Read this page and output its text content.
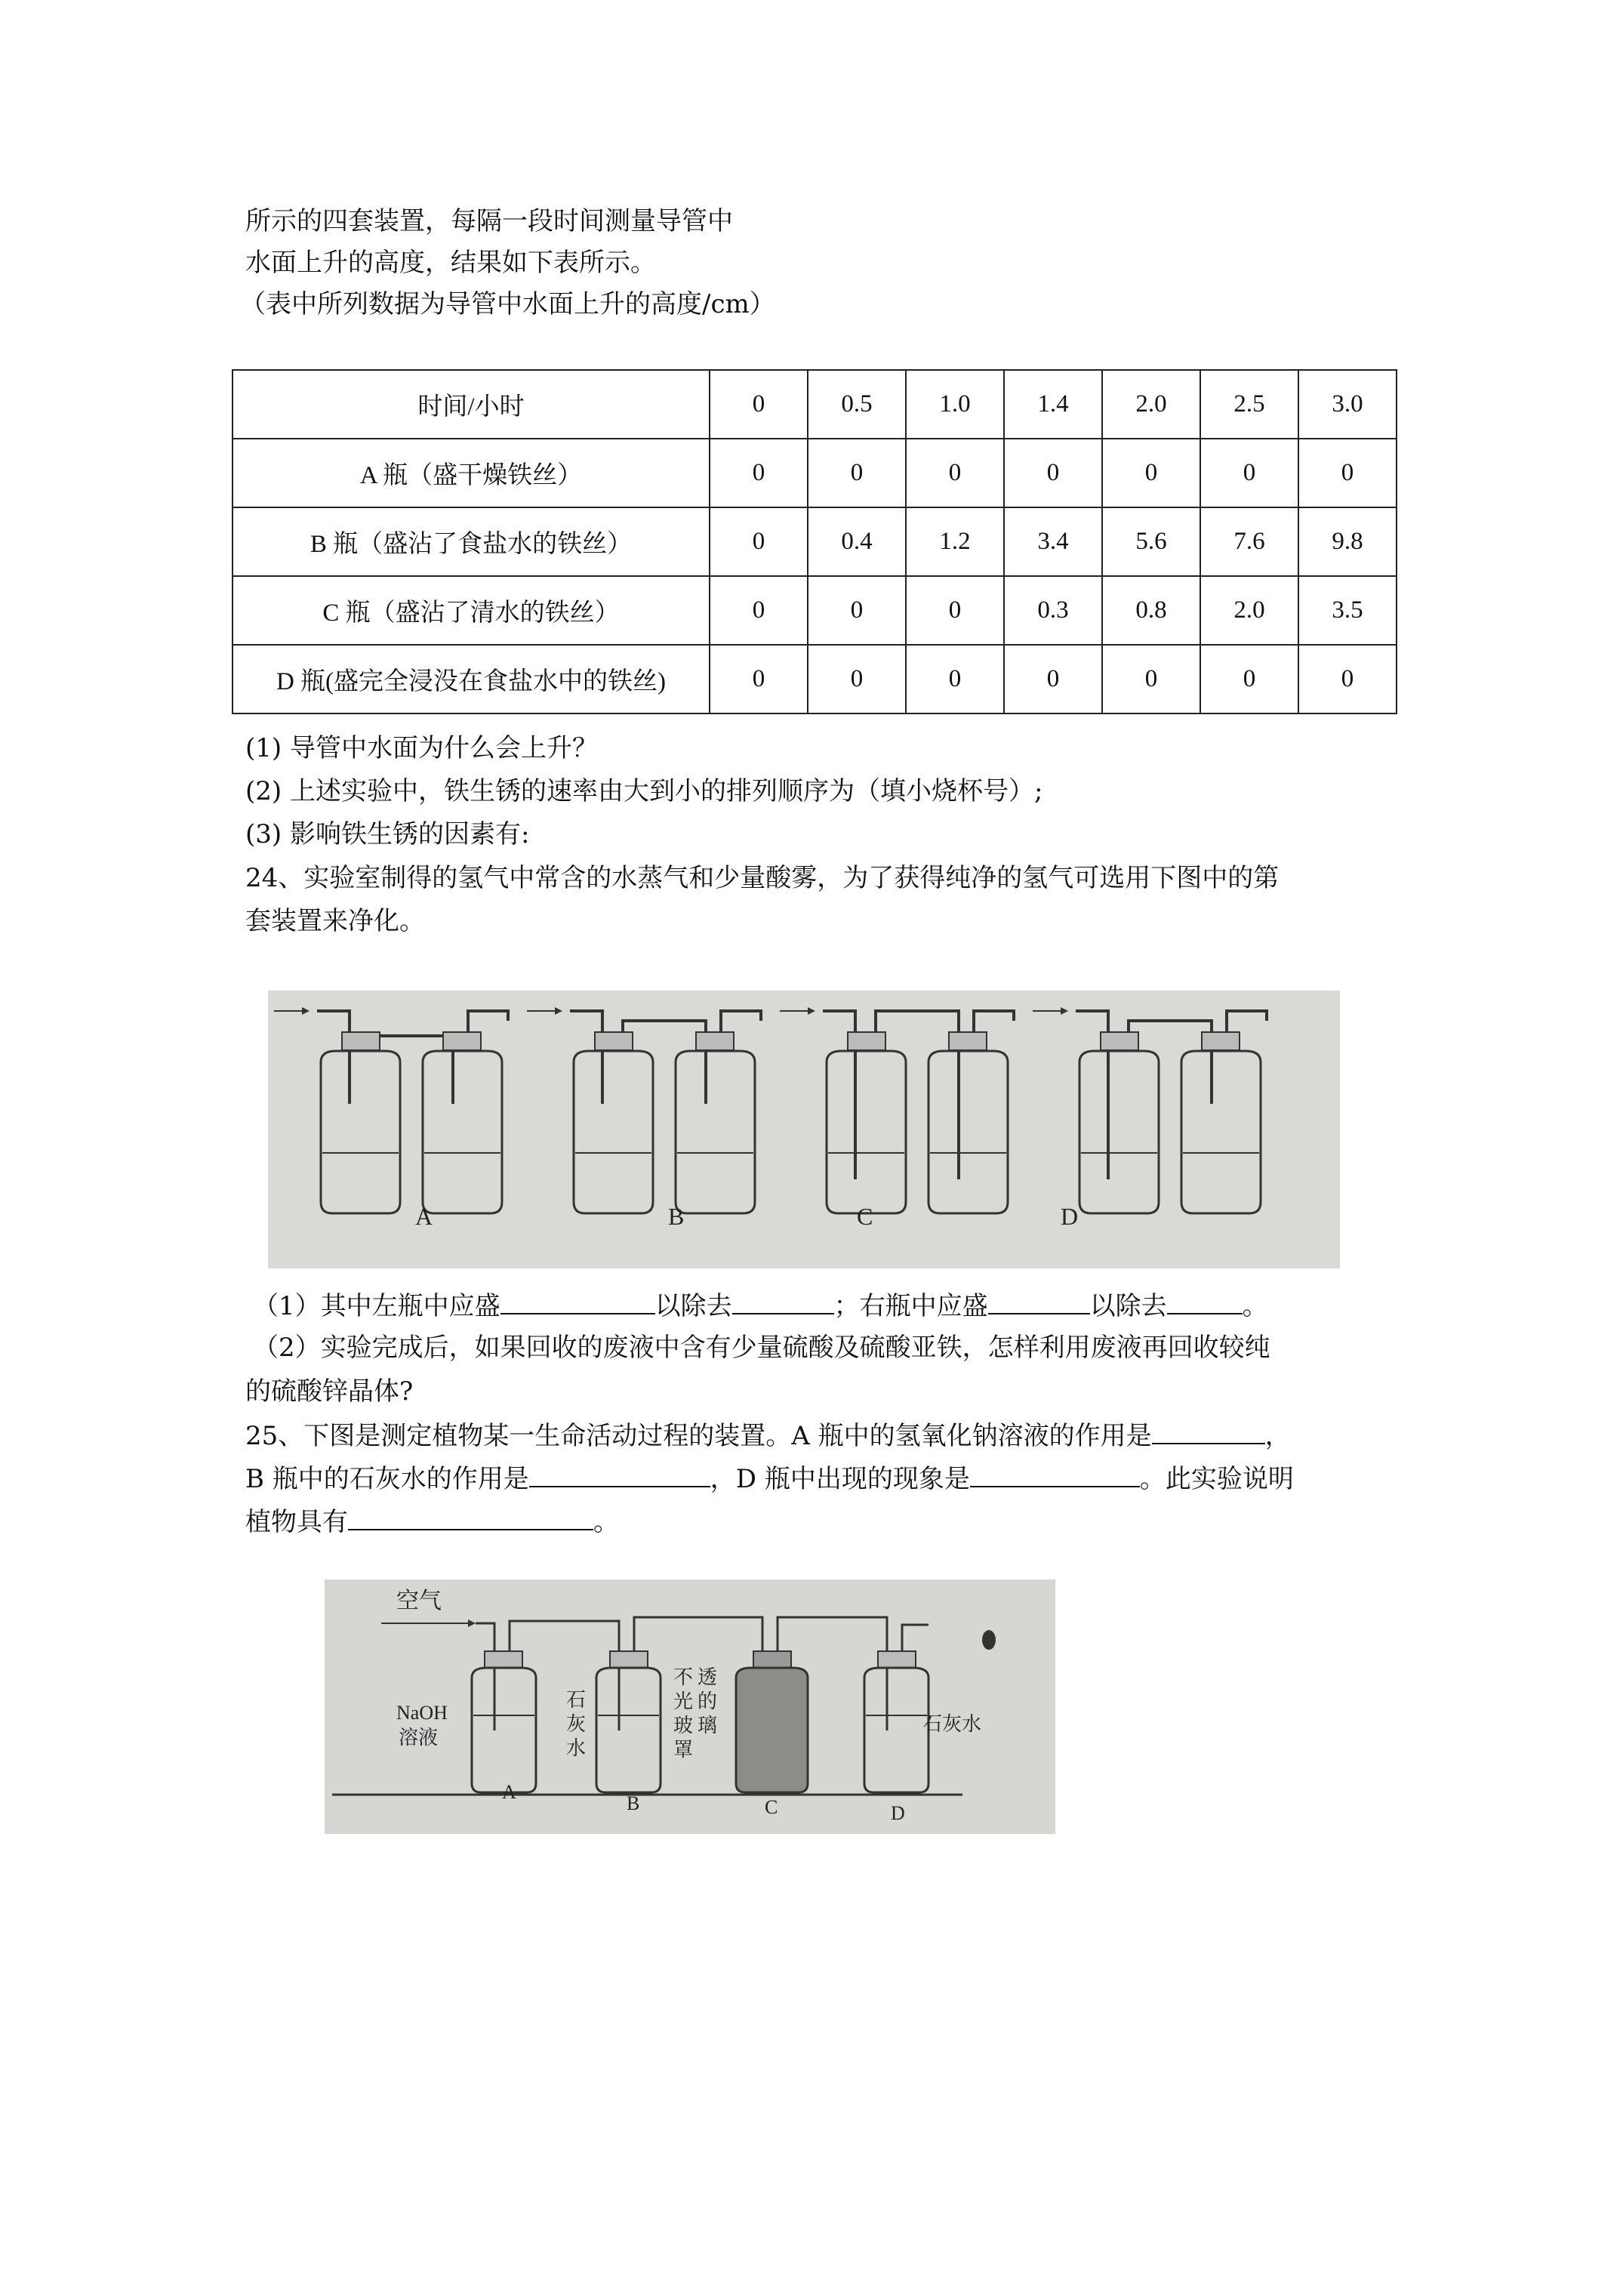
所示的四套装置，每隔一段时间测量导管中
水面上升的高度，结果如下表所示。
（表中所列数据为导管中水面上升的高度/cm）
时间/小时	0	0.5	1.0	1.4	2.0	2.5	3.0
A 瓶（盛干燥铁丝）	0	0	0	0	0	0	0
B 瓶（盛沾了食盐水的铁丝）	0	0.4	1.2	3.4	5.6	7.6	9.8
C 瓶（盛沾了清水的铁丝）	0	0	0	0.3	0.8	2.0	3.5
D 瓶(盛完全浸没在食盐水中的铁丝)	0	0	0	0	0	0	0
(1) 导管中水面为什么会上升？
(2) 上述实验中，铁生锈的速率由大到小的排列顺序为（填小烧杯号）;
(3) 影响铁生锈的因素有:
24、实验室制得的氢气中常含的水蒸气和少量酸雾，为了获得纯净的氢气可选用下图中的第
套装置来净化。
A	B	C	D
（1）其中左瓶中应盛	以除去	；右瓶中应盛	以除去	。
（2）实验完成后，如果回收的废液中含有少量硫酸及硫酸亚铁，怎样利用废液再回收较纯
的硫酸锌晶体?
25、下图是测定植物某一生命活动过程的装置。A 瓶中的氢氧化钠溶液的作用是	，
B 瓶中的石灰水的作用是	，D 瓶中出现的现象是	。此实验说明
植物具有	。
空气
NaOH
溶液
石
灰
水
不
光
玻
罩
透
的
璃	石灰水
A
B	C	D
